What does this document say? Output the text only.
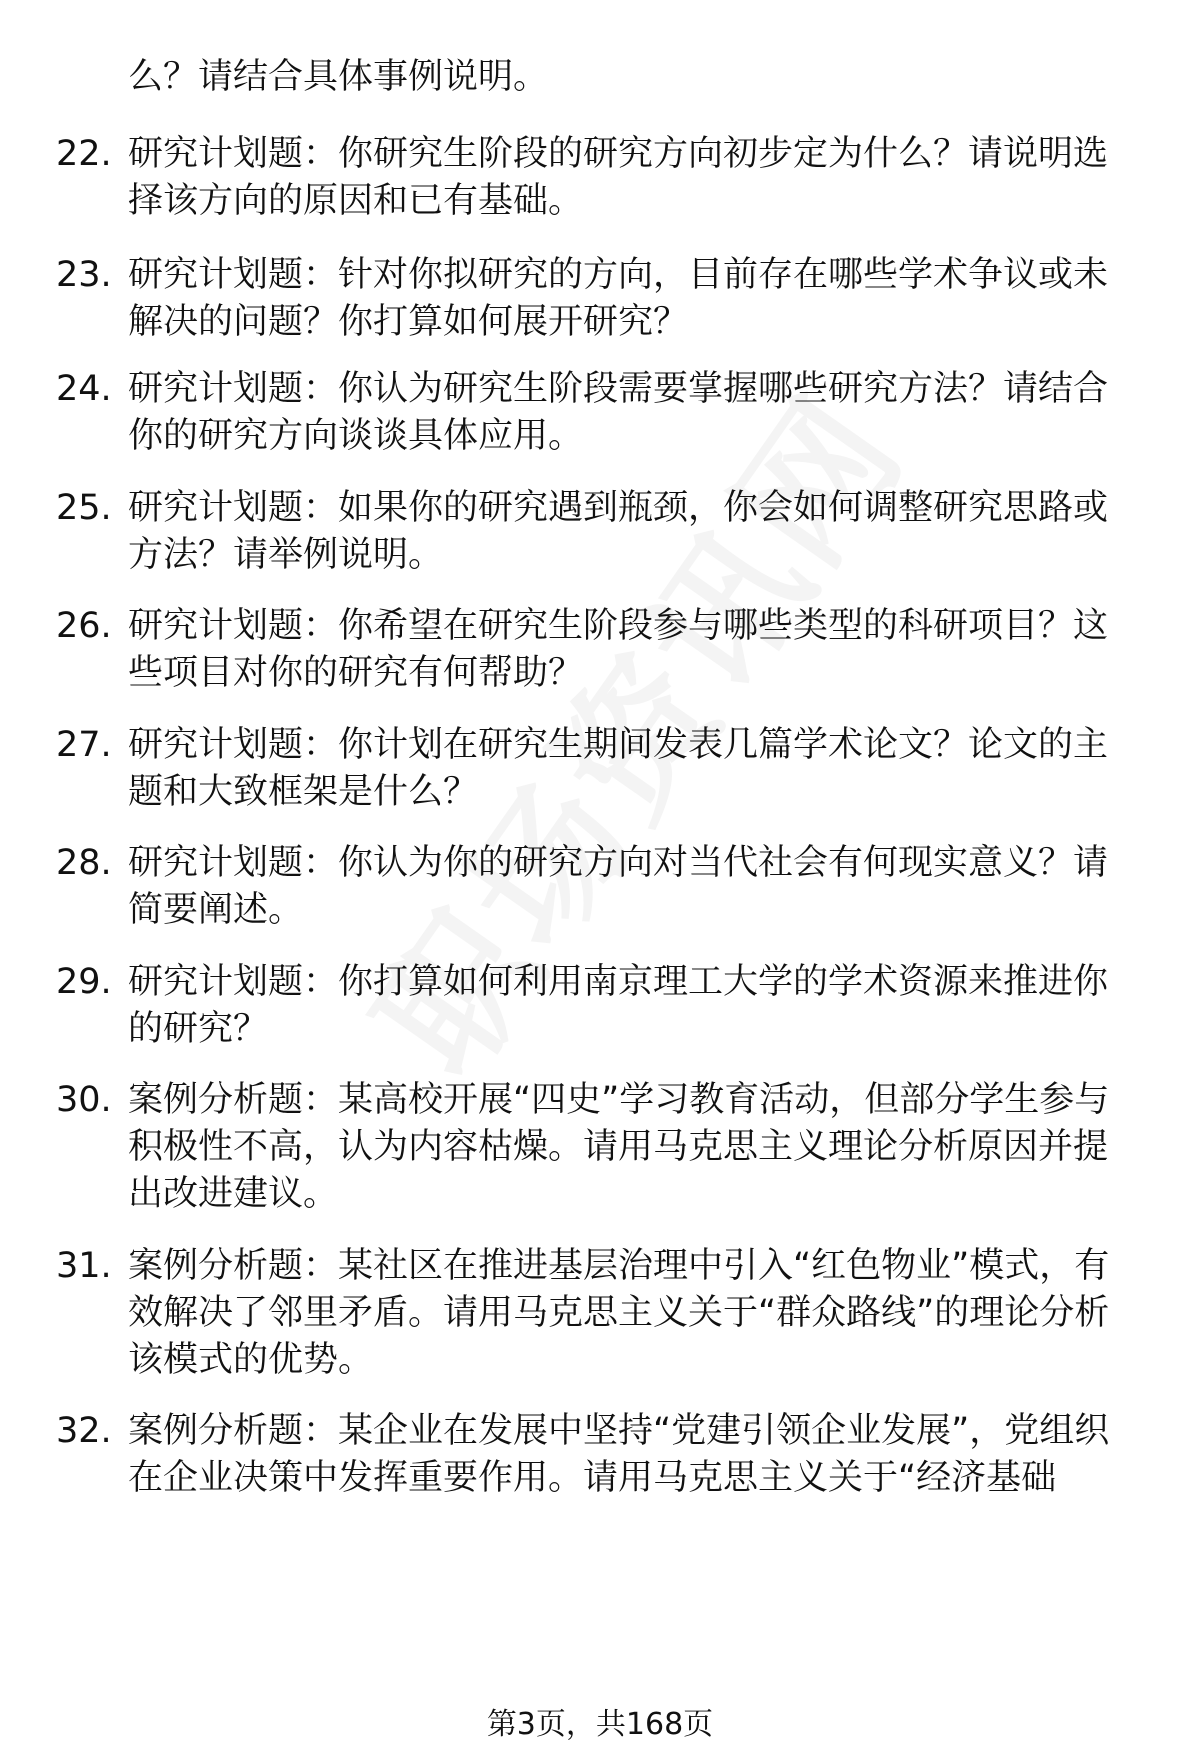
么？请结合具体事例说明。
22. 研究计划题：你研究生阶段的研究方向初步定为什么？请说明选择该方向的原因和已有基础。
23. 研究计划题：针对你拟研究的方向，目前存在哪些学术争议或未解决的问题？你打算如何展开研究？
24. 研究计划题：你认为研究生阶段需要掌握哪些研究方法？请结合你的研究方向谈谈具体应用。
25. 研究计划题：如果你的研究遇到瓶颈，你会如何调整研究思路或方法？请举例说明。
26. 研究计划题：你希望在研究生阶段参与哪些类型的科研项目？这些项目对你的研究有何帮助？
27. 研究计划题：你计划在研究生期间发表几篇学术论文？论文的主题和大致框架是什么？
28. 研究计划题：你认为你的研究方向对当代社会有何现实意义？请简要阐述。
29. 研究计划题：你打算如何利用南京理工大学的学术资源来推进你的研究？
30. 案例分析题：某高校开展“四史”学习教育活动，但部分学生参与积极性不高，认为内容枯燥。请用马克思主义理论分析原因并提出改进建议。
31. 案例分析题：某社区在推进基层治理中引入“红色物业”模式，有效解决了邻里矛盾。请用马克思主义关于“群众路线”的理论分析该模式的优势。
32. 案例分析题：某企业在发展中坚持“党建引领企业发展”，党组织在企业决策中发挥重要作用。请用马克思主义关于“经济基础
第3页，共168页
